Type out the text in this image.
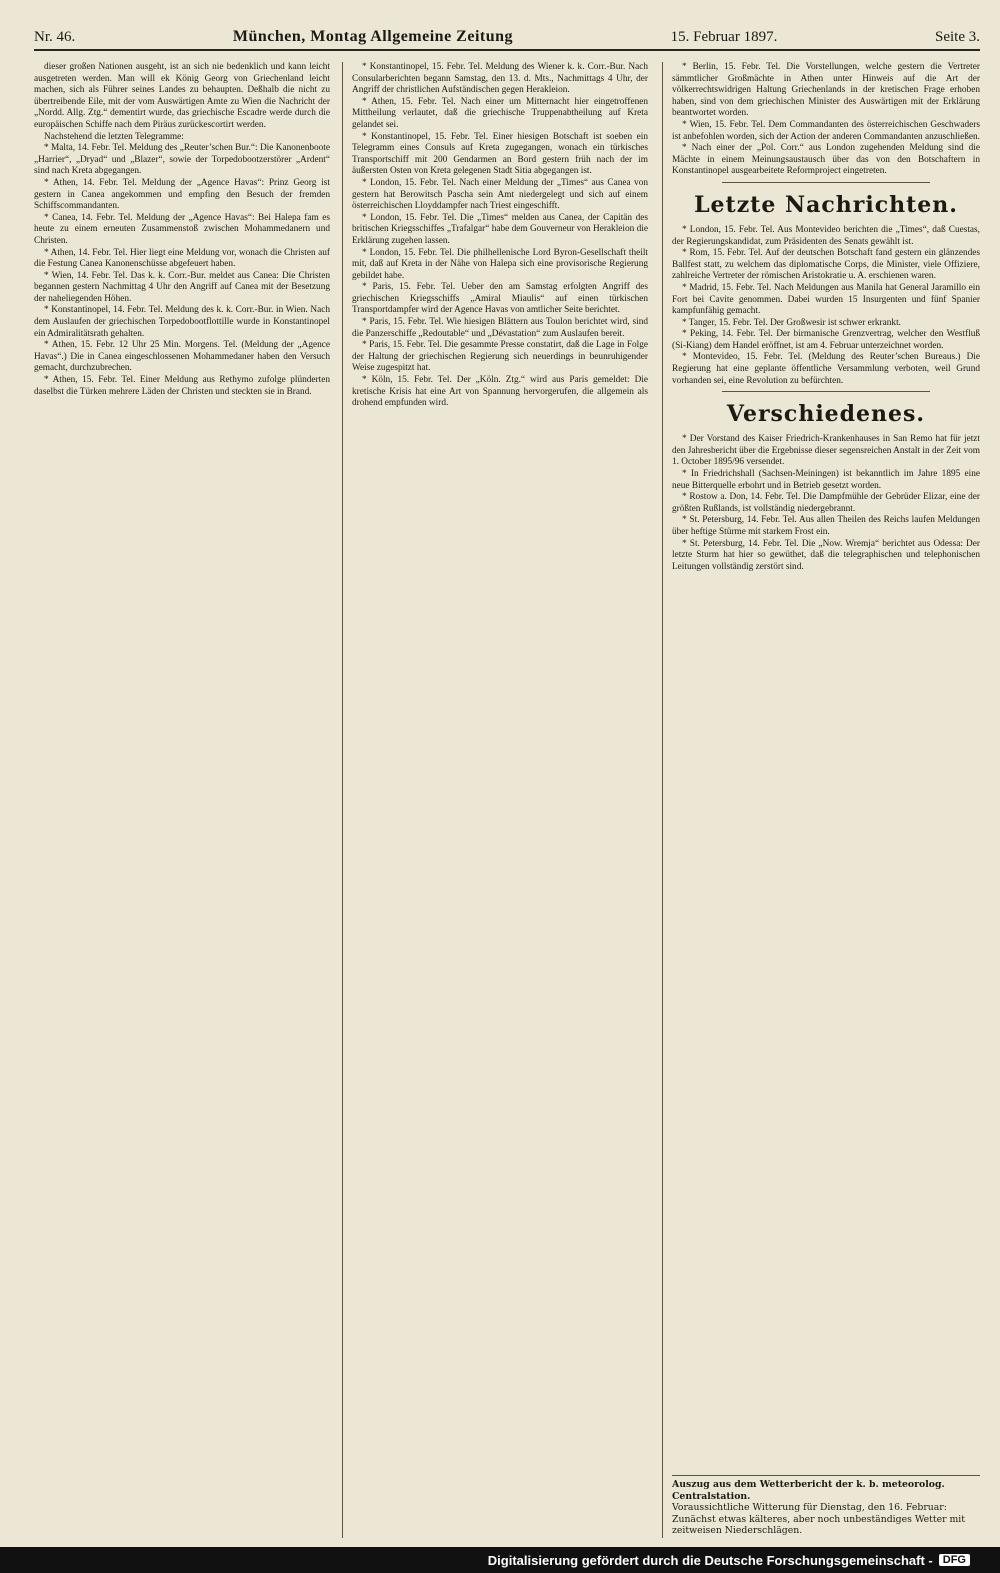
Nr. 46.	München, Montag Allgemeine Zeitung	15. Februar 1897.	Seite 3.

dieser großen Nationen ausgeht, ist an sich nie bedenklich und kann leicht ausgetreten werden. Man will ek König Georg von Griechenland leicht machen, sich als Führer seines Landes zu behaupten. Deßhalb die nicht zu übertreibende Eile, mit der vom Auswärtigen Amte zu Wien die Nachricht der „Nordd. Allg. Ztg.“ dementirt wurde, das griechische Escadre werde durch die europäischen Schiffe nach dem Piräus zurückescortirt werden.

Nachstehend die letzten Telegramme:

* Malta, 14. Febr. Tel. Meldung des „Reuter’schen Bur.“: Die Kanonenboote „Harrier“, „Dryad“ und „Blazer“, sowie der Torpedobootzerstörer „Ardent“ sind nach Kreta abgegangen.

* Athen, 14. Febr. Tel. Meldung der „Agence Havas“: Prinz Georg ist gestern in Canea angekommen und empfing den Besuch der fremden Schiffscommandanten.

* Canea, 14. Febr. Tel. Meldung der „Agence Havas“: Bei Halepa fam es heute zu einem erneuten Zusammenstoß zwischen Mohammedanern und Christen.

* Athen, 14. Febr. Tel. Hier liegt eine Meldung vor, wonach die Christen auf die Festung Canea Kanonenschüsse abgefeuert haben.

* Wien, 14. Febr. Tel. Das k. k. Corr.-Bur. meldet aus Canea: Die Christen begannen gestern Nachmittag 4 Uhr den Angriff auf Canea mit der Besetzung der naheliegenden Höhen.

* Konstantinopel, 14. Febr. Tel. Meldung des k. k. Corr.-Bur. in Wien. Nach dem Auslaufen der griechischen Torpedobootflottille wurde in Konstantinopel ein Admiralitätsrath gehalten.

* Athen, 15. Febr. 12 Uhr 25 Min. Morgens. Tel. (Meldung der „Agence Havas“.) Die in Canea eingeschlossenen Mohammedaner haben den Versuch gemacht, durchzubrechen.

* Athen, 15. Febr. Tel. Einer Meldung aus Rethymo zufolge plünderten daselbst die Türken mehrere Läden der Christen und steckten sie in Brand.

* Konstantinopel, 15. Febr. Tel. Meldung des Wiener k. k. Corr.-Bur. Nach Consularberichten begann Samstag, den 13. d. Mts., Nachmittags 4 Uhr, der Angriff der christlichen Aufständischen gegen Herakleion.

* Athen, 15. Febr. Tel. Nach einer um Mitternacht hier eingetroffenen Mittheilung verlautet, daß die griechische Truppenabtheilung auf Kreta gelandet sei.

* Konstantinopel, 15. Febr. Tel. Einer hiesigen Botschaft ist soeben ein Telegramm eines Consuls auf Kreta zugegangen, wonach ein türkisches Transportschiff mit 200 Gendarmen an Bord gestern früh nach der im äußersten Osten von Kreta gelegenen Stadt Sitia abgegangen ist.

* London, 15. Febr. Tel. Nach einer Meldung der „Times“ aus Canea von gestern hat Berowitsch Pascha sein Amt niedergelegt und sich auf einem österreichischen Lloyddampfer nach Triest eingeschifft.

* London, 15. Febr. Tel. Die „Times“ melden aus Canea, der Capitän des britischen Kriegsschiffes „Trafalgar“ habe dem Gouverneur von Herakleion die Erklärung zugehen lassen.

* London, 15. Febr. Tel. Die philhellenische Lord Byron-Gesellschaft theilt mit, daß auf Kreta in der Nähe von Halepa sich eine provisorische Regierung gebildet habe.

* Paris, 15. Febr. Tel. Ueber den am Samstag erfolgten Angriff des griechischen Kriegsschiffs „Amiral Miaulis“ auf einen türkischen Transportdampfer wird der Agence Havas von amtlicher Seite berichtet.

* Paris, 15. Febr. Tel. Wie hiesigen Blättern aus Toulon berichtet wird, sind die Panzerschiffe „Redoutable“ und „Dévastation“ zum Auslaufen bereit.

* Paris, 15. Febr. Tel. Die gesammte Presse constatirt, daß die Lage in Folge der Haltung der griechischen Regierung sich neuerdings in beunruhigender Weise zugespitzt hat.

* Köln, 15. Febr. Tel. Der „Köln. Ztg.“ wird aus Paris gemeldet: Die kretische Krisis hat eine Art von Spannung hervorgerufen, die allgemein als drohend empfunden wird.

* Berlin, 15. Febr. Tel. Die Vorstellungen, welche gestern die Vertreter sämmtlicher Großmächte in Athen unter Hinweis auf die Art der völkerrechtswidrigen Haltung Griechenlands in der kretischen Frage erhoben haben, sind von dem griechischen Minister des Auswärtigen mit der Erklärung beantwortet worden.

* Wien, 15. Febr. Tel. Dem Commandanten des österreichischen Geschwaders ist anbefohlen worden, sich der Action der anderen Commandanten anzuschließen.

* Nach einer der „Pol. Corr.“ aus London zugehenden Meldung sind die Mächte in einem Meinungsaustausch über das von den Botschaftern in Konstantinopel ausgearbeitete Reformproject eingetreten.

Letzte Nachrichten.

* London, 15. Febr. Tel. Aus Montevideo berichten die „Times“, daß Cuestas, der Regierungskandidat, zum Präsidenten des Senats gewählt ist.

* Rom, 15. Febr. Tel. Auf der deutschen Botschaft fand gestern ein glänzendes Ballfest statt, zu welchem das diplomatische Corps, die Minister, viele Offiziere, zahlreiche Vertreter der römischen Aristokratie u. A. erschienen waren.

* Madrid, 15. Febr. Tel. Nach Meldungen aus Manila hat General Jaramillo ein Fort bei Cavite genommen. Dabei wurden 15 Insurgenten und fünf Spanier kampfunfähig gemacht.

* Tanger, 15. Febr. Tel. Der Großwesir ist schwer erkrankt.

* Peking, 14. Febr. Tel. Der birmanische Grenzvertrag, welcher den Westfluß (Si-Kiang) dem Handel eröffnet, ist am 4. Februar unterzeichnet worden.

* Montevideo, 15. Febr. Tel. (Meldung des Reuter’schen Bureaus.) Die Regierung hat eine geplante öffentliche Versammlung verboten, weil Grund vorhanden sei, eine Revolution zu befürchten.

Verschiedenes.

* Der Vorstand des Kaiser Friedrich-Krankenhauses in San Remo hat für jetzt den Jahresbericht über die Ergebnisse dieser segensreichen Anstalt in der Zeit vom 1. October 1895/96 versendet.

* In Friedrichshall (Sachsen-Meiningen) ist bekanntlich im Jahre 1895 eine neue Bitterquelle erbohrt und in Betrieb gesetzt worden.

* Rostow a. Don, 14. Febr. Tel. Die Dampfmühle der Gebrüder Elizar, eine der größten Rußlands, ist vollständig niedergebrannt.

* St. Petersburg, 14. Febr. Tel. Aus allen Theilen des Reichs laufen Meldungen über heftige Stürme mit starkem Frost ein.

* St. Petersburg, 14. Febr. Tel. Die „Now. Wremja“ berichtet aus Odessa: Der letzte Sturm hat hier so gewüthet, daß die telegraphischen und telephonischen Leitungen vollständig zerstört sind.

Auszug aus dem Wetterbericht der k. b. meteorolog. Centralstation.
Voraussichtliche Witterung für Dienstag, den 16. Februar: Zunächst etwas kälteres, aber noch unbeständiges Wetter mit zeitweisen Niederschlägen.
Digitalisierung gefördert durch die Deutsche Forschungsgemeinschaft - DFG
